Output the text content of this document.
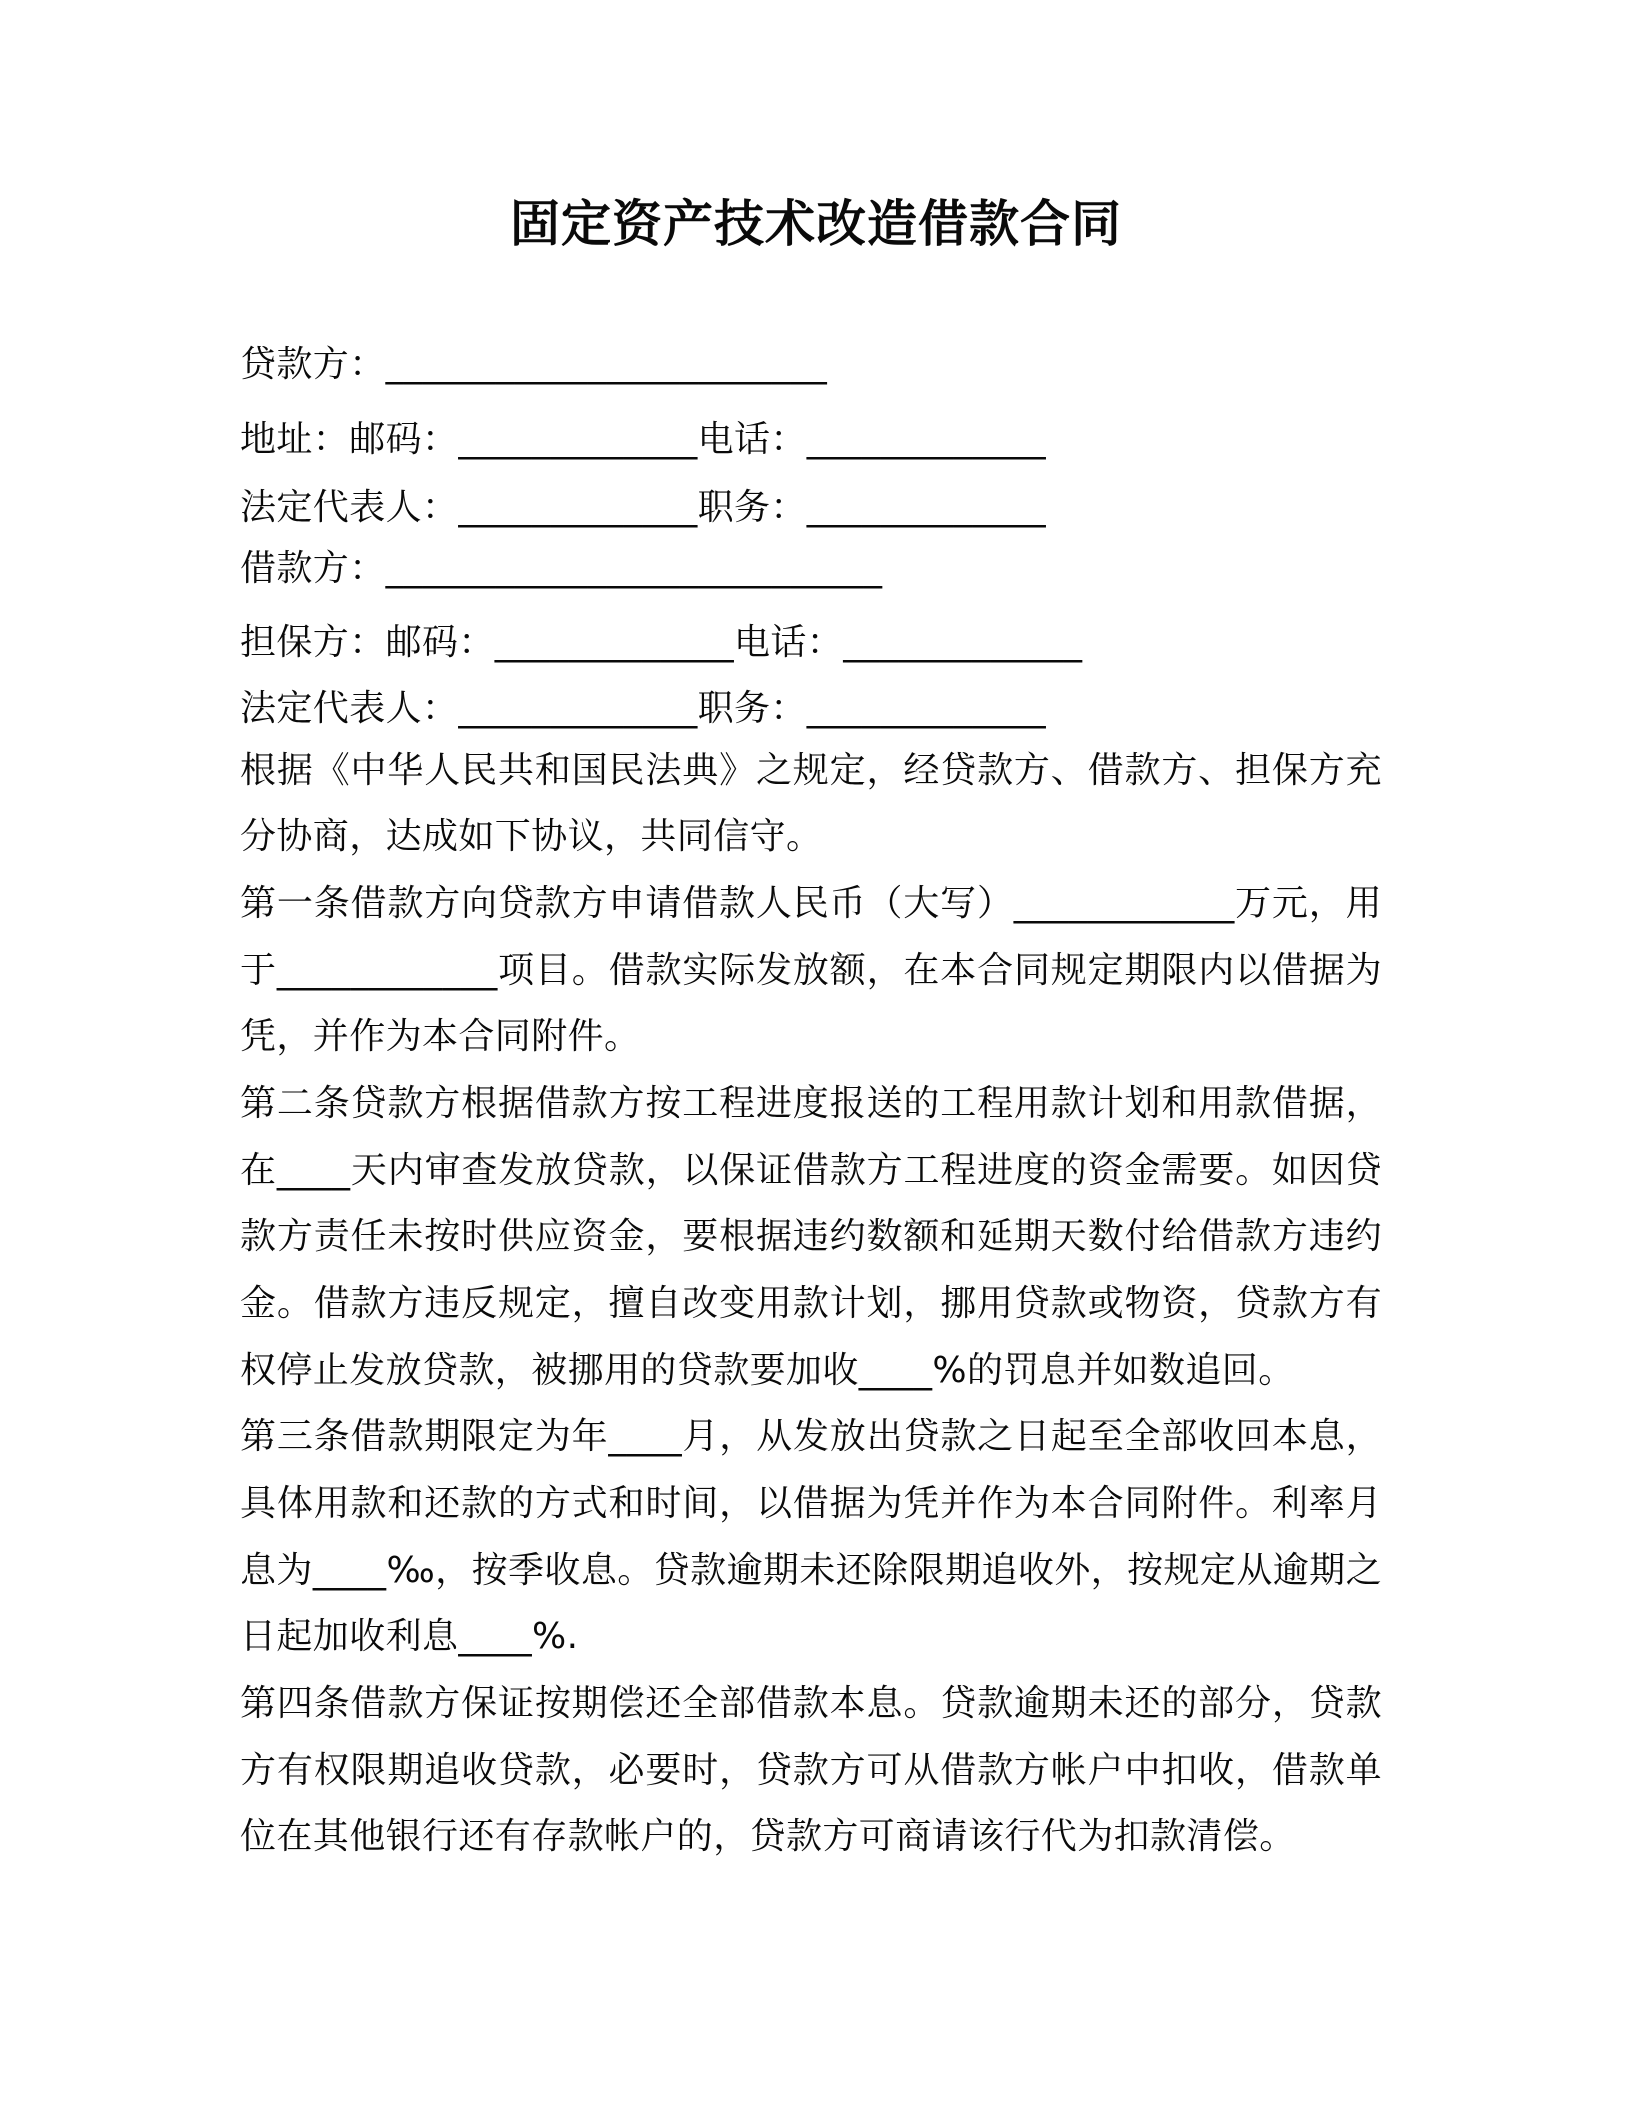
固定资产技术改造借款合同
贷款方：________________________
地址：邮码：_____________电话：_____________
法定代表人：_____________职务：_____________
借款方：___________________________
担保方：邮码：_____________电话：_____________
法定代表人：_____________职务：_____________
根据《中华人民共和国民法典》之规定，经贷款方、借款方、担保方充
分协商，达成如下协议，共同信守。
第一条借款方向贷款方申请借款人民币（大写）____________万元，用
于____________项目。借款实际发放额，在本合同规定期限内以借据为
凭，并作为本合同附件。
第二条贷款方根据借款方按工程进度报送的工程用款计划和用款借据，
在____天内审查发放贷款，以保证借款方工程进度的资金需要。如因贷
款方责任未按时供应资金，要根据违约数额和延期天数付给借款方违约
金。借款方违反规定，擅自改变用款计划，挪用贷款或物资，贷款方有
权停止发放贷款，被挪用的贷款要加收____%的罚息并如数追回。
第三条借款期限定为年____月，从发放出贷款之日起至全部收回本息，
具体用款和还款的方式和时间，以借据为凭并作为本合同附件。利率月
息为____‰，按季收息。贷款逾期未还除限期追收外，按规定从逾期之
日起加收利息____%.
第四条借款方保证按期偿还全部借款本息。贷款逾期未还的部分，贷款
方有权限期追收贷款，必要时，贷款方可从借款方帐户中扣收，借款单
位在其他银行还有存款帐户的，贷款方可商请该行代为扣款清偿。
